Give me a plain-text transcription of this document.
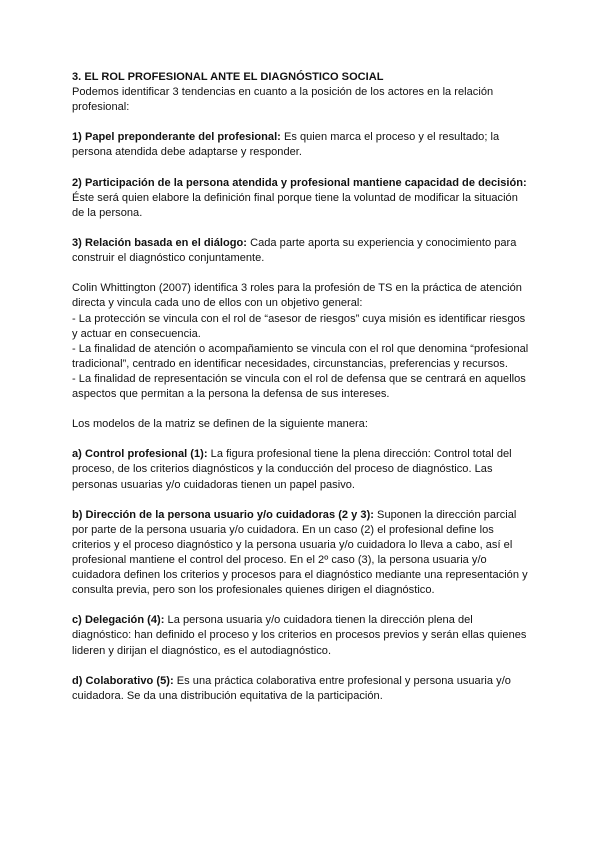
3. EL ROL PROFESIONAL ANTE EL DIAGNÓSTICO SOCIAL

Podemos identificar 3 tendencias en cuanto a la posición de los actores en la relación profesional:

1) Papel preponderante del profesional: Es quien marca el proceso y el resultado; la persona atendida debe adaptarse y responder.

2) Participación de la persona atendida y profesional mantiene capacidad de decisión: Éste será quien elabore la definición final porque tiene la voluntad de modificar la situación de la persona.

3) Relación basada en el diálogo: Cada parte aporta su experiencia y conocimiento para construir el diagnóstico conjuntamente.

Colin Whittington (2007) identifica 3 roles para la profesión de TS en la práctica de atención directa y vincula cada uno de ellos con un objetivo general:
- La protección se vincula con el rol de “asesor de riesgos” cuya misión es identificar riesgos y actuar en consecuencia.
- La finalidad de atención o acompañamiento se vincula con el rol que denomina “profesional tradicional”, centrado en identificar necesidades, circunstancias, preferencias y recursos.

- La finalidad de representación se vincula con el rol de defensa que se centrará en aquellos aspectos que permitan a la persona la defensa de sus intereses.

Los modelos de la matriz se definen de la siguiente manera:

a) Control profesional (1): La figura profesional tiene la plena dirección: Control total del proceso, de los criterios diagnósticos y la conducción del proceso de diagnóstico. Las personas usuarias y/o cuidadoras tienen un papel pasivo.

b) Dirección de la persona usuario y/o cuidadoras (2 y 3): Suponen la dirección parcial por parte de la persona usuaria y/o cuidadora. En un caso (2) el profesional define los criterios y el proceso diagnóstico y la persona usuaria y/o cuidadora lo lleva a cabo, así el profesional mantiene el control del proceso. En el 2º caso (3), la persona usuaria y/o cuidadora definen los criterios y procesos para el diagnóstico mediante una representación y consulta previa, pero son los profesionales quienes dirigen el diagnóstico.

c) Delegación (4): La persona usuaria y/o cuidadora tienen la dirección plena del diagnóstico: han definido el proceso y los criterios en procesos previos y serán ellas quienes lideren y dirijan el diagnóstico, es el autodiagnóstico.

d) Colaborativo (5): Es una práctica colaborativa entre profesional y persona usuaria y/o cuidadora. Se da una distribución equitativa de la participación.
